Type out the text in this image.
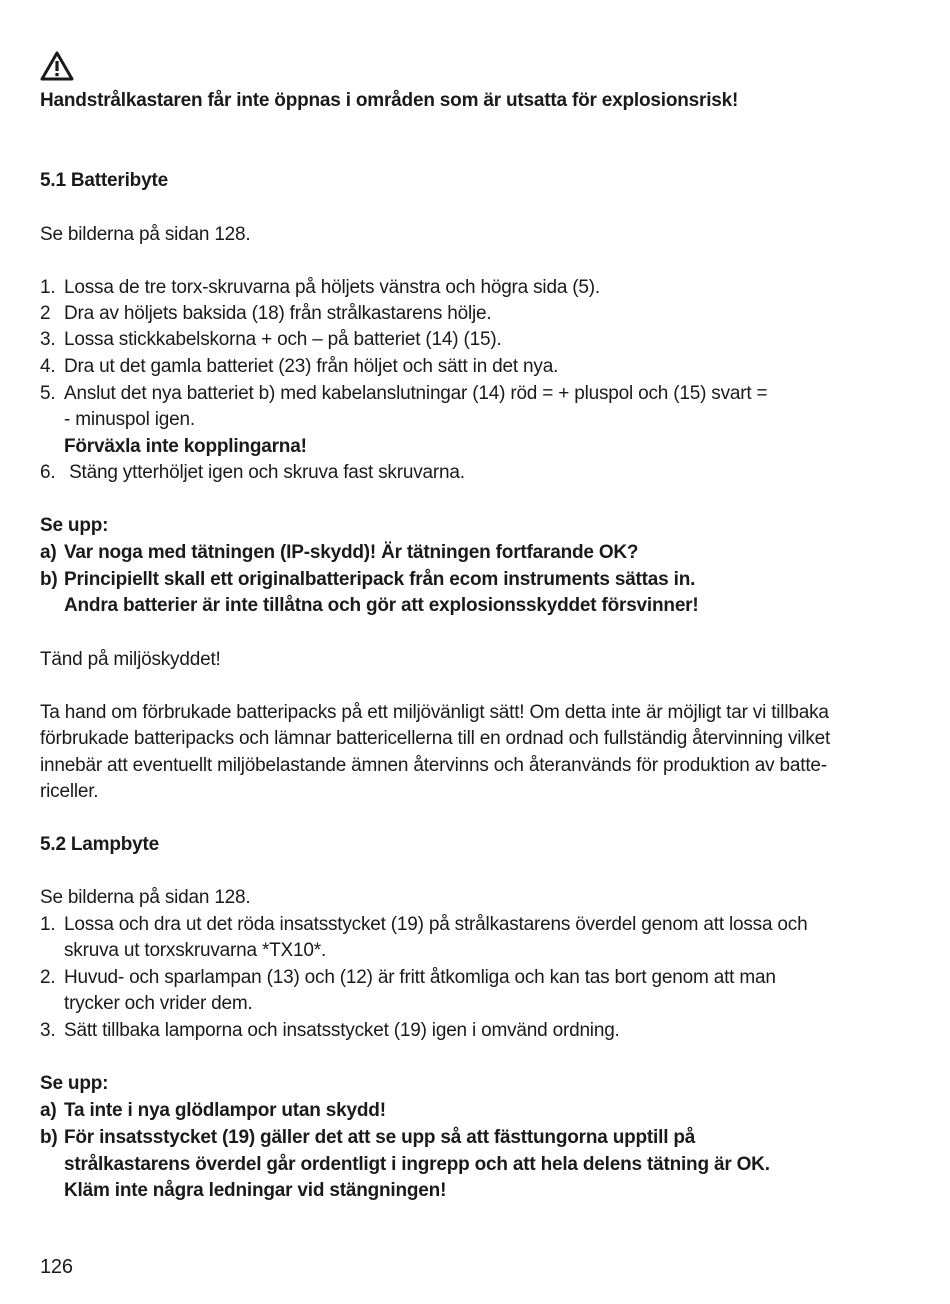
Handstrålkastaren får inte öppnas i områden som är utsatta för explosionsrisk!
5.1 Batteribyte
Se bilderna på sidan 128.
1. Lossa de tre torx-skruvarna på höljets vänstra och högra sida (5).
2 Dra av höljets baksida (18) från strålkastarens hölje.
3. Lossa stickkabelskorna + och – på batteriet (14) (15).
4. Dra ut det gamla batteriet (23) från höljet och sätt in det nya.
5. Anslut det nya batteriet b) med kabelanslutningar (14) röd = + pluspol och (15) svart =
- minuspol igen.
Förväxla inte kopplingarna!
6. Stäng ytterhöljet igen och skruva fast skruvarna.
Se upp:
a) Var noga med tätningen (IP-skydd)! Är tätningen fortfarande OK?
b) Principiellt skall ett originalbatteripack från ecom instruments sättas in.
Andra batterier är inte tillåtna och gör att explosionsskyddet försvinner!
Tänd på miljöskyddet!
Ta hand om förbrukade batteripacks på ett miljövänligt sätt! Om detta inte är möjligt tar vi tillbaka
förbrukade batteripacks och lämnar battericellerna till en ordnad och fullständig återvinning vilket
innebär att eventuellt miljöbelastande ämnen återvinns och återanvänds för produktion av batte-
riceller.
5.2 Lampbyte
Se bilderna på sidan 128.
1. Lossa och dra ut det röda insatsstycket (19) på strålkastarens överdel genom att lossa och
skruva ut torxskruvarna *TX10*.
2. Huvud- och sparlampan (13) och (12) är fritt åtkomliga och kan tas bort genom att man
trycker och vrider dem.
3. Sätt tillbaka lamporna och insatsstycket (19) igen i omvänd ordning.
Se upp:
a) Ta inte i nya glödlampor utan skydd!
b) För insatsstycket (19) gäller det att se upp så att fästtungorna upptill på
strålkastarens överdel går ordentligt i ingrepp och att hela delens tätning är OK.
Kläm inte några ledningar vid stängningen!
126
